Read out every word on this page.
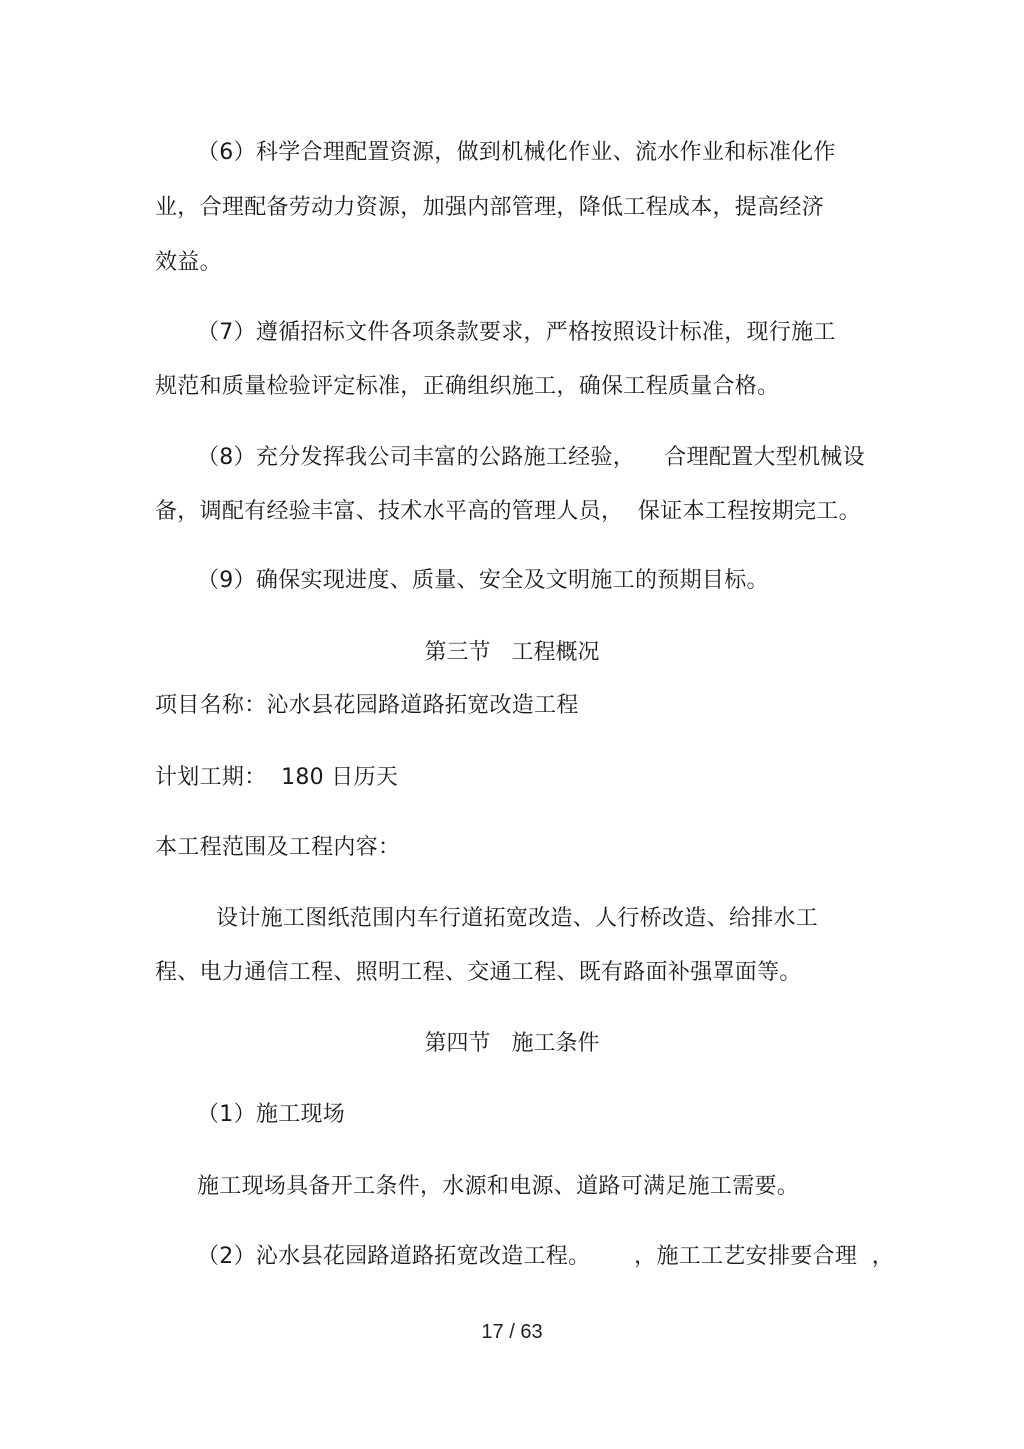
（6）科学合理配置资源，做到机械化作业、流水作业和标准化作
业，合理配备劳动力资源，加强内部管理，降低工程成本，提高经济
效益。
（7）遵循招标文件各项条款要求，严格按照设计标准，现行施工
规范和质量检验评定标准，正确组织施工，确保工程质量合格。
（8）充分发挥我公司丰富的公路施工经验，    合理配置大型机械设
备，调配有经验丰富、技术水平高的管理人员，  保证本工程按期完工。
（9）确保实现进度、质量、安全及文明施工的预期目标。
第三节   工程概况
项目名称：沁水县花园路道路拓宽改造工程
计划工期：  180 日历天
本工程范围及工程内容：
设计施工图纸范围内车行道拓宽改造、人行桥改造、给排水工
程、电力通信工程、照明工程、交通工程、既有路面补强罩面等。
第四节   施工条件
（1）施工现场
施工现场具备开工条件，水源和电源、道路可满足施工需要。
（2）沁水县花园路道路拓宽改造工程。      ，施工工艺安排要合理  ，
17 / 63
